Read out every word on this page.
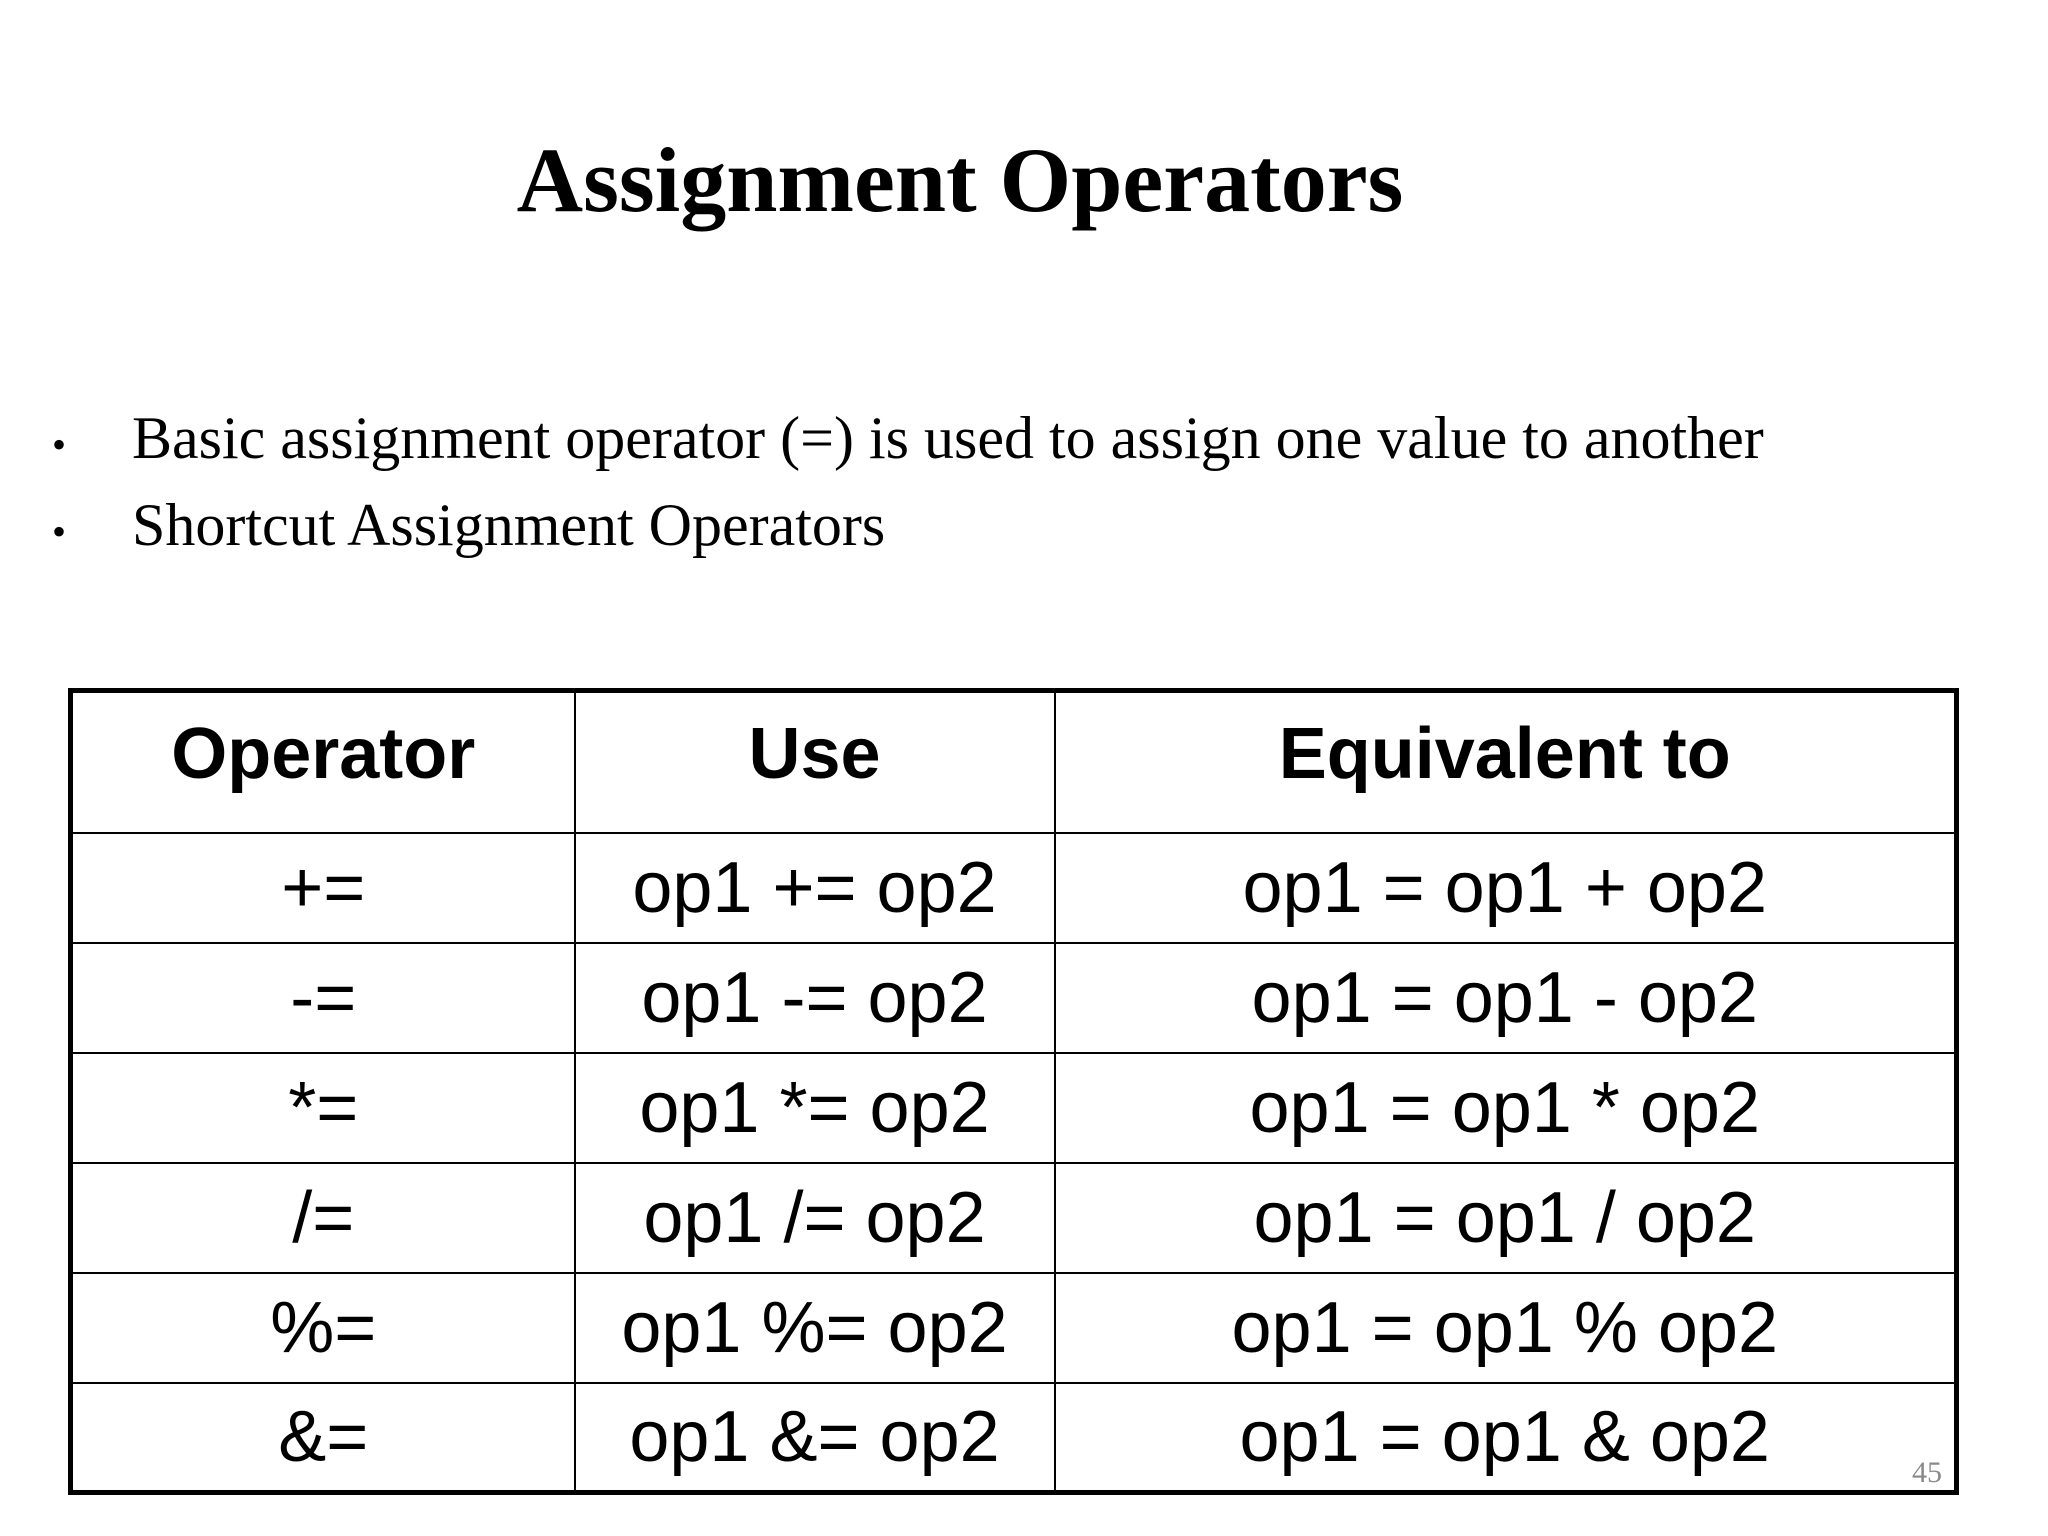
Assignment Operators
•	Basic assignment operator (=) is used to assign one value to another
•	Shortcut Assignment Operators
Operator	Use	Equivalent to
+=	op1 += op2	op1 = op1 + op2
-=	op1 -= op2	op1 = op1 - op2
*=	op1 *= op2	op1 = op1 * op2
/=	op1 /= op2	op1 = op1 / op2
%=	op1 %= op2	op1 = op1 % op2
&=	op1 &= op2	op1 = op1 & op2	45
